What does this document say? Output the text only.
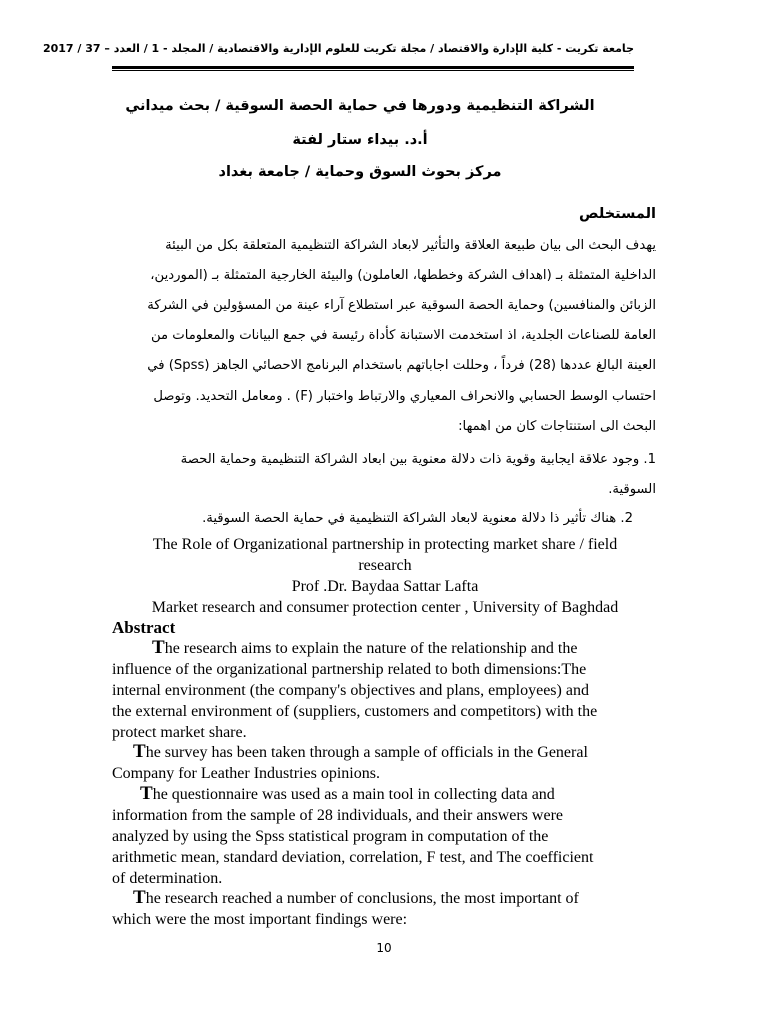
جامعة تكريت - كلية الإدارة والاقتصاد / مجلة تكريت للعلوم الإدارية والاقتصادية / المجلد - 1 / العدد – 37 / 2017
الشراكة التنظيمية ودورها في حماية الحصة السوقية / بحث ميداني
أ.د. بيداء ستار لفتة
مركز بحوث السوق وحماية / جامعة بغداد
المستخلص
يهدف البحث الى بيان طبيعة العلاقة والتأثير لابعاد الشراكة التنظيمية المتعلقة بكل من البيئة
الداخلية المتمثلة بـ (اهداف الشركة وخططها، العاملون) والبيئة الخارجية المتمثلة بـ (الموردين،
الزبائن والمنافسين) وحماية الحصة السوقية عبر استطلاع آراء عينة من المسؤولين في الشركة
العامة للصناعات الجلدية، اذ استخدمت الاستبانة كأداة رئيسة في جمع البيانات والمعلومات من
العينة البالغ عددها (28) فرداً ، وحللت اجاباتهم باستخدام البرنامج الاحصائي الجاهز (Spss) في
احتساب الوسط الحسابي والانحراف المعياري والارتباط واختبار (F) . ومعامل التحديد. وتوصل
البحث الى استنتاجات كان من اهمها:
1. وجود علاقة ايجابية وقوية ذات دلالة معنوية بين ابعاد الشراكة التنظيمية وحماية الحصة
السوقية.
2. هناك تأثير ذا دلالة معنوية لابعاد الشراكة التنظيمية في حماية الحصة السوقية.
The Role of Organizational partnership in protecting market share / field
research
Prof .Dr. Baydaa Sattar Lafta
Market research and consumer protection center , University of Baghdad
Abstract
The research aims to explain the nature of the relationship and the
influence of the organizational partnership related to both dimensions:The
internal environment (the company's objectives and plans, employees) and
the external environment of (suppliers, customers and competitors) with the
protect market share.
The survey has been taken through a sample of officials in the General
Company for Leather Industries opinions.
The questionnaire was used as a main tool in collecting data and
information from the sample of 28 individuals, and their answers were
analyzed by using the Spss statistical program in computation of the
arithmetic mean, standard deviation, correlation, F test, and The coefficient
of determination.
The research reached a number of conclusions, the most important of
which were the most important findings were:
10
